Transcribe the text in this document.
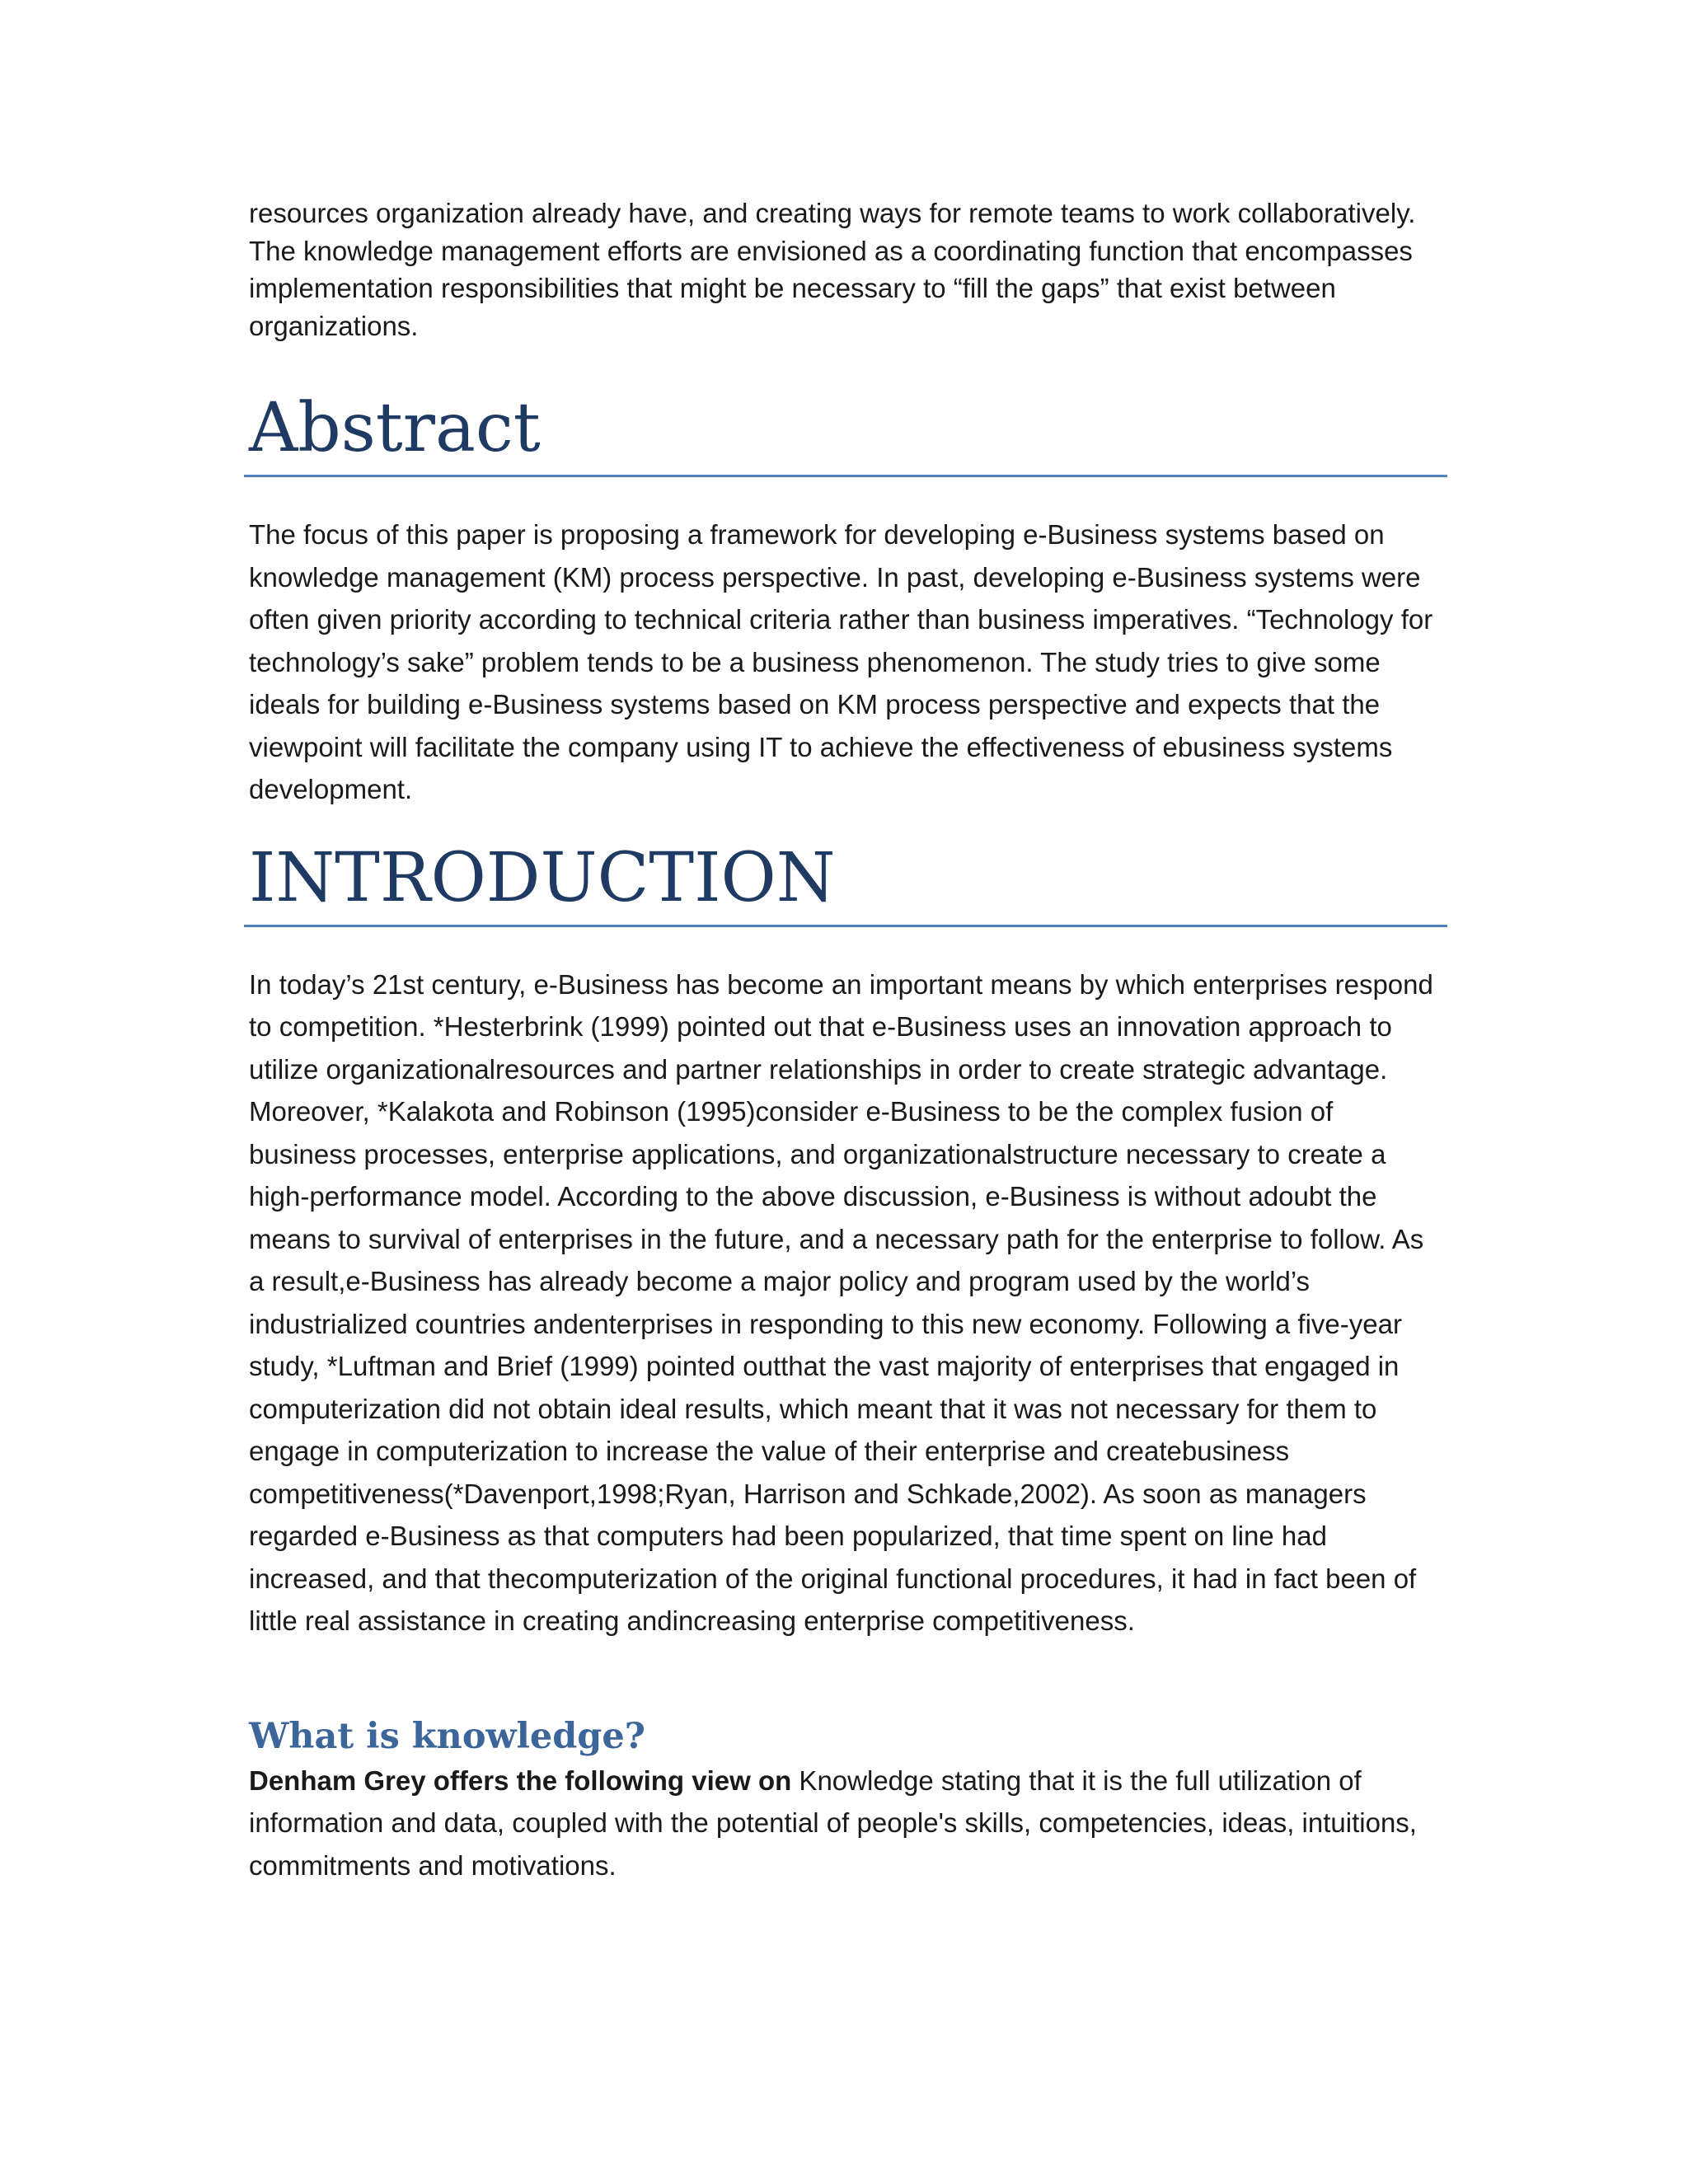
resources organization already have, and creating ways for remote teams to work collaboratively. The knowledge management efforts are envisioned as a coordinating function that encompasses implementation responsibilities that might be necessary to “fill the gaps” that exist between organizations.

Abstract

The focus of this paper is proposing a framework for developing e-Business systems based on knowledge management (KM) process perspective. In past, developing e-Business systems were often given priority according to technical criteria rather than business imperatives. “Technology for technology’s sake” problem tends to be a business phenomenon. The study tries to give some ideals for building e-Business systems based on KM process perspective and expects that the viewpoint will facilitate the company using IT to achieve the effectiveness of ebusiness systems development.

INTRODUCTION

In today’s 21st century, e-Business has become an important means by which enterprises respond to competition. *Hesterbrink (1999) pointed out that e-Business uses an innovation approach to utilize organizationalresources and partner relationships in order to create strategic advantage. Moreover, *Kalakota and Robinson (1995)consider e-Business to be the complex fusion of business processes, enterprise applications, and organizationalstructure necessary to create a high-performance model. According to the above discussion, e-Business is without adoubt the means to survival of enterprises in the future, and a necessary path for the enterprise to follow. As a result,e-Business has already become a major policy and program used by the world’s industrialized countries andenterprises in responding to this new economy. Following a five-year study, *Luftman and Brief (1999) pointed outthat the vast majority of enterprises that engaged in computerization did not obtain ideal results, which meant that it was not necessary for them to engage in computerization to increase the value of their enterprise and createbusiness competitiveness(*Davenport,1998;Ryan, Harrison and Schkade,2002). As soon as managers regarded e-Business as that computers had been popularized, that time spent on line had increased, and that thecomputerization of the original functional procedures, it had in fact been of little real assistance in creating andincreasing enterprise competitiveness.

What is knowledge?

Denham Grey offers the following view on Knowledge stating that it is the full utilization of information and data, coupled with the potential of people's skills, competencies, ideas, intuitions, commitments and motivations.
